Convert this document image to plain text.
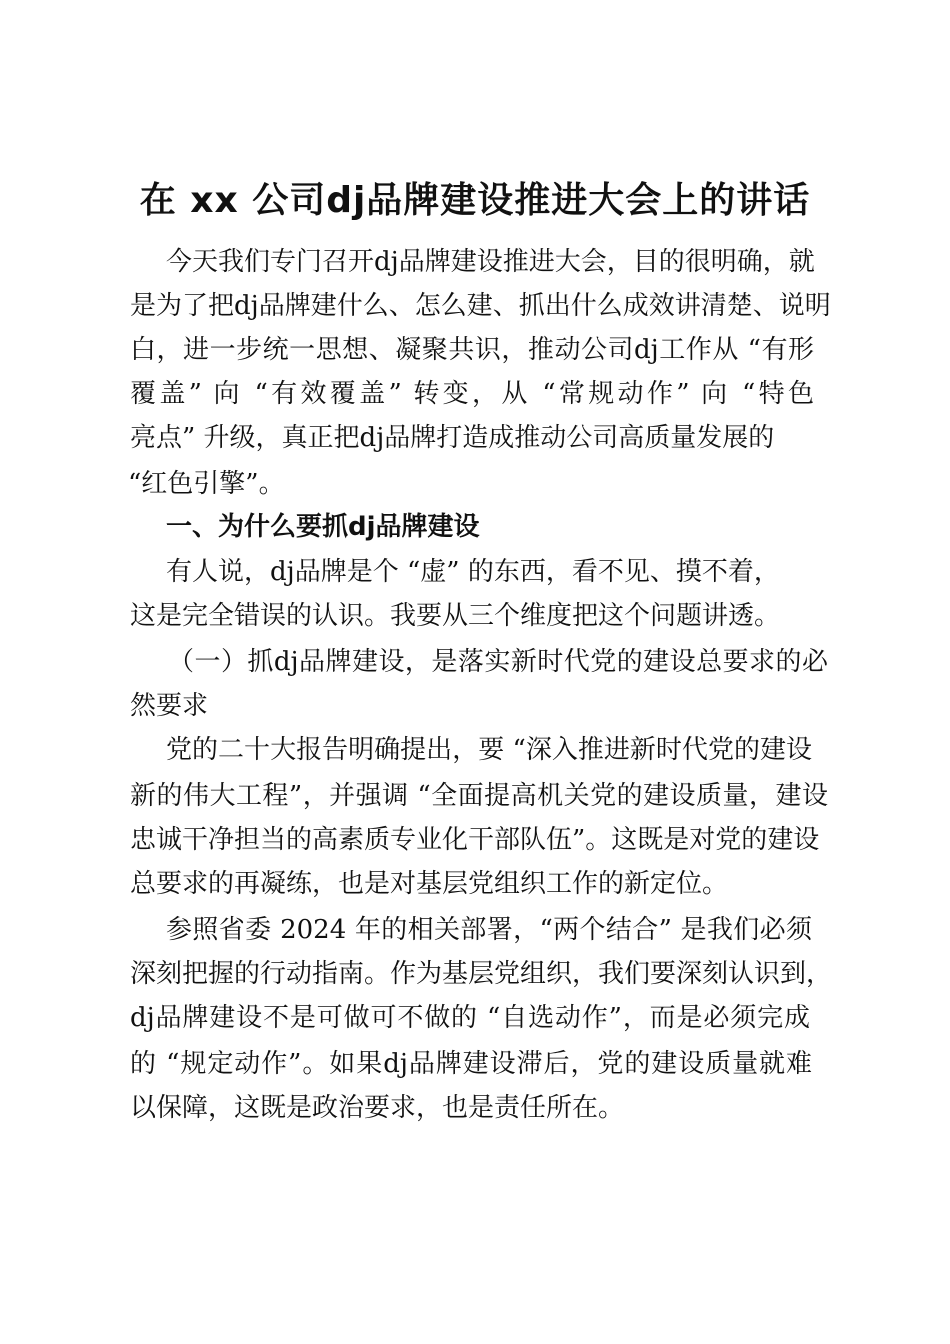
在 xx 公司dj品牌建设推进大会上的讲话
今天我们专门召开dj品牌建设推进大会，目的很明确，就
是为了把dj品牌建什么、怎么建、抓出什么成效讲清楚、说明
白，进一步统一思想、凝聚共识，推动公司dj工作从 “有形
覆盖” 向 “有效覆盖” 转变，从 “常规动作” 向 “特色
亮点” 升级，真正把dj品牌打造成推动公司高质量发展的
“红色引擎”。
一、为什么要抓dj品牌建设
有人说，dj品牌是个 “虚” 的东西，看不见、摸不着，
这是完全错误的认识。我要从三个维度把这个问题讲透。
（一）抓dj品牌建设，是落实新时代党的建设总要求的必
然要求
党的二十大报告明确提出，要 “深入推进新时代党的建设
新的伟大工程”，并强调 “全面提高机关党的建设质量，建设
忠诚干净担当的高素质专业化干部队伍”。这既是对党的建设
总要求的再凝练，也是对基层党组织工作的新定位。
参照省委 2024 年的相关部署，“两个结合” 是我们必须
深刻把握的行动指南。作为基层党组织，我们要深刻认识到，
dj品牌建设不是可做可不做的 “自选动作”，而是必须完成
的 “规定动作”。如果dj品牌建设滞后，党的建设质量就难
以保障，这既是政治要求，也是责任所在。
